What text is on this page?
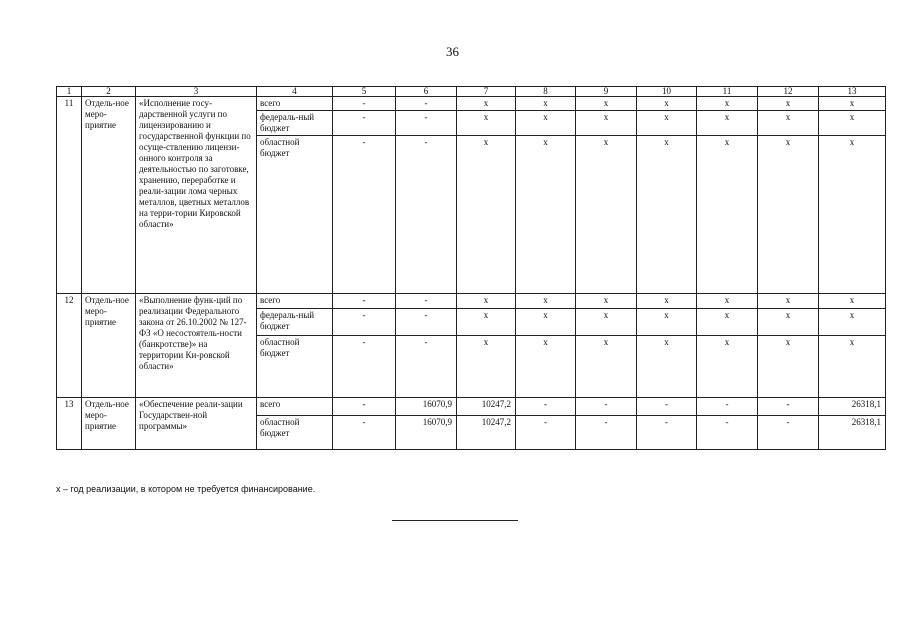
36
1	2	3	4	5	6	7	8	9	10	11	12	13
11	Отдель-ное меро-приятие	«Исполнение госу-дарственной услуги по лицензированию и государственной функции по осуще-ствлению лицензи-онного контроля за деятельностью по заготовке, хранению, переработке и реали-зации лома черных металлов, цветных металлов на терри-тории Кировской области»	всего	-	-	x	x	x	x	x	x	x
			федераль-ный бюджет	-	-	x	x	x	x	x	x	x
			областной бюджет	-	-	x	x	x	x	x	x	x
12	Отдель-ное меро-приятие	«Выполнение функ-ций по реализации Федерального закона от 26.10.2002 № 127-ФЗ «О несостоятель-ности (банкротстве)» на территории Ки-ровской области»	всего	-	-	x	x	x	x	x	x	x
			федераль-ный бюджет	-	-	x	x	x	x	x	x	x
			областной бюджет	-	-	x	x	x	x	x	x	x
13	Отдель-ное меро-приятие	«Обеспечение реали-зации Государствен-ной программы»	всего	-	16070,9	10247,2	-	-	-	-	-	26318,1
			областной бюджет	-	16070,9	10247,2	-	-	-	-	-	26318,1
х – год реализации, в котором не требуется финансирование.
